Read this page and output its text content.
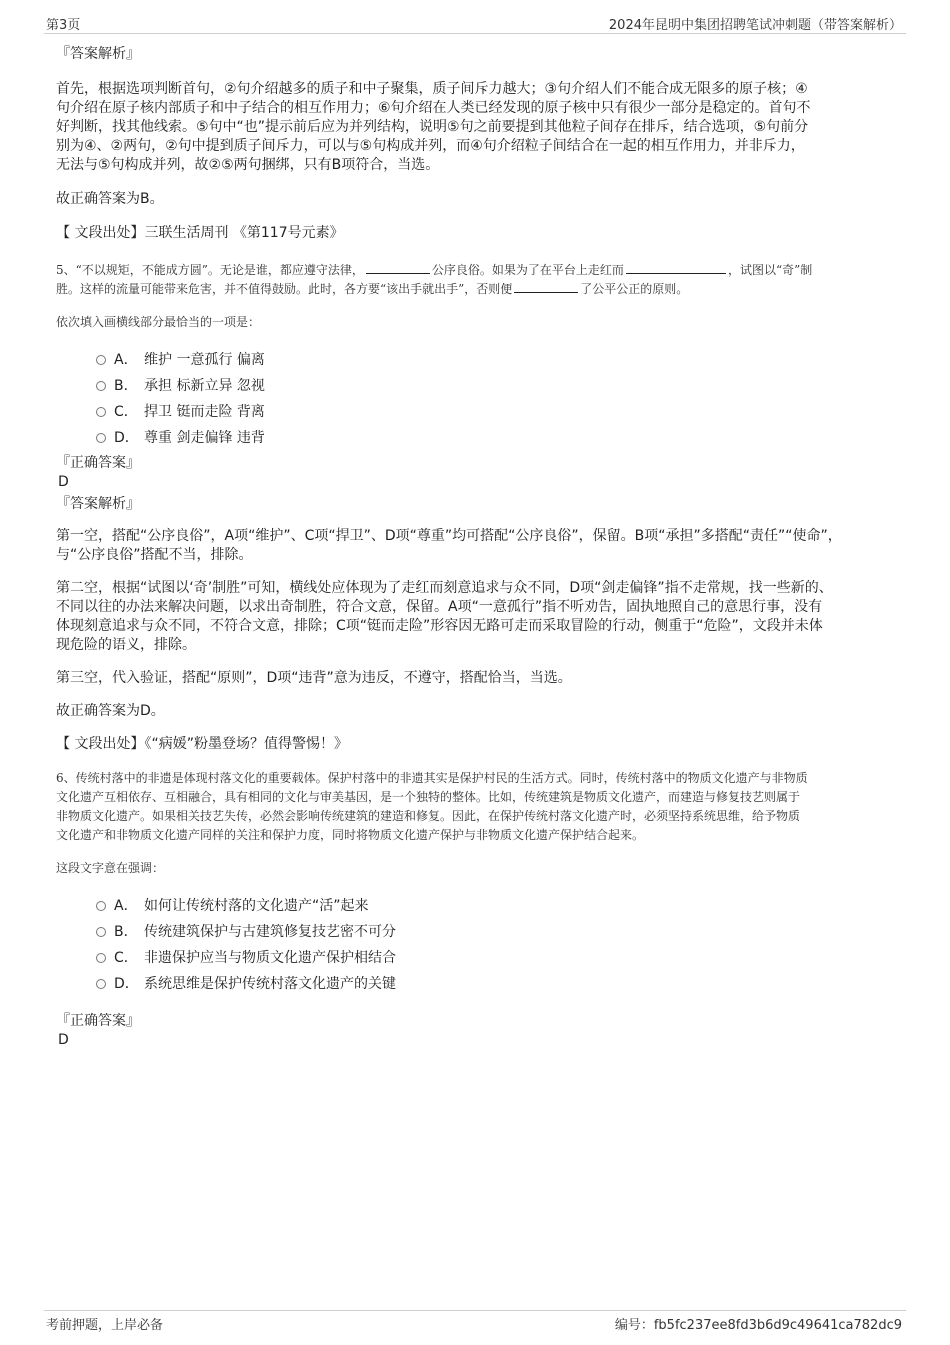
第3页	2024年昆明中集团招聘笔试冲刺题（带答案解析）
『答案解析』
首先，根据选项判断首句，②句介绍越多的质子和中子聚集，质子间斥力越大；③句介绍人们不能合成无限多的原子核；④
句介绍在原子核内部质子和中子结合的相互作用力；⑥句介绍在人类已经发现的原子核中只有很少一部分是稳定的。首句不
好判断，找其他线索。⑤句中“也”提示前后应为并列结构，说明⑤句之前要提到其他粒子间存在排斥，结合选项，⑤句前分
别为④、②两句，②句中提到质子间斥力，可以与⑤句构成并列，而④句介绍粒子间结合在一起的相互作用力，并非斥力，
无法与⑤句构成并列，故②⑤两句捆绑，只有B项符合，当选。
故正确答案为B。
【 文段出处】三联生活周刊 《第117号元素》
5、“不以规矩，不能成方圆”。无论是谁，都应遵守法律，	公序良俗。如果为了在平台上走红而	，试图以“奇”制
胜。这样的流量可能带来危害，并不值得鼓励。此时，各方要“该出手就出手”，否则便	了公平公正的原则。
依次填入画横线部分最恰当的一项是：
A． 维护 一意孤行 偏离
B． 承担 标新立异 忽视
C． 捍卫 铤而走险 背离
D． 尊重 剑走偏锋 违背
『正确答案』
D
『答案解析』
第一空，搭配“公序良俗”，A项“维护”、C项“捍卫”、D项“尊重”均可搭配“公序良俗”，保留。B项“承担”多搭配“责任”“使命”，
与“公序良俗”搭配不当，排除。
第二空，根据“试图以‘奇’制胜”可知，横线处应体现为了走红而刻意追求与众不同，D项“剑走偏锋”指不走常规，找一些新的、
不同以往的办法来解决问题，以求出奇制胜，符合文意，保留。A项“一意孤行”指不听劝告，固执地照自己的意思行事，没有
体现刻意追求与众不同，不符合文意，排除；C项“铤而走险”形容因无路可走而采取冒险的行动，侧重于“危险”，文段并未体
现危险的语义，排除。
第三空，代入验证，搭配“原则”，D项“违背”意为违反，不遵守，搭配恰当，当选。
故正确答案为D。
【 文段出处】《“病媛”粉墨登场？值得警惕！》
6、传统村落中的非遗是体现村落文化的重要载体。保护村落中的非遗其实是保护村民的生活方式。同时，传统村落中的物质文化遗产与非物质
文化遗产互相依存、互相融合，具有相同的文化与审美基因，是一个独特的整体。比如，传统建筑是物质文化遗产，而建造与修复技艺则属于
非物质文化遗产。如果相关技艺失传，必然会影响传统建筑的建造和修复。因此，在保护传统村落文化遗产时，必须坚持系统思维，给予物质
文化遗产和非物质文化遗产同样的关注和保护力度，同时将物质文化遗产保护与非物质文化遗产保护结合起来。
这段文字意在强调：
A． 如何让传统村落的文化遗产“活”起来
B． 传统建筑保护与古建筑修复技艺密不可分
C． 非遗保护应当与物质文化遗产保护相结合
D． 系统思维是保护传统村落文化遗产的关键
『正确答案』
D
考前押题，上岸必备	编号：fb5fc237ee8fd3b6d9c49641ca782dc9
